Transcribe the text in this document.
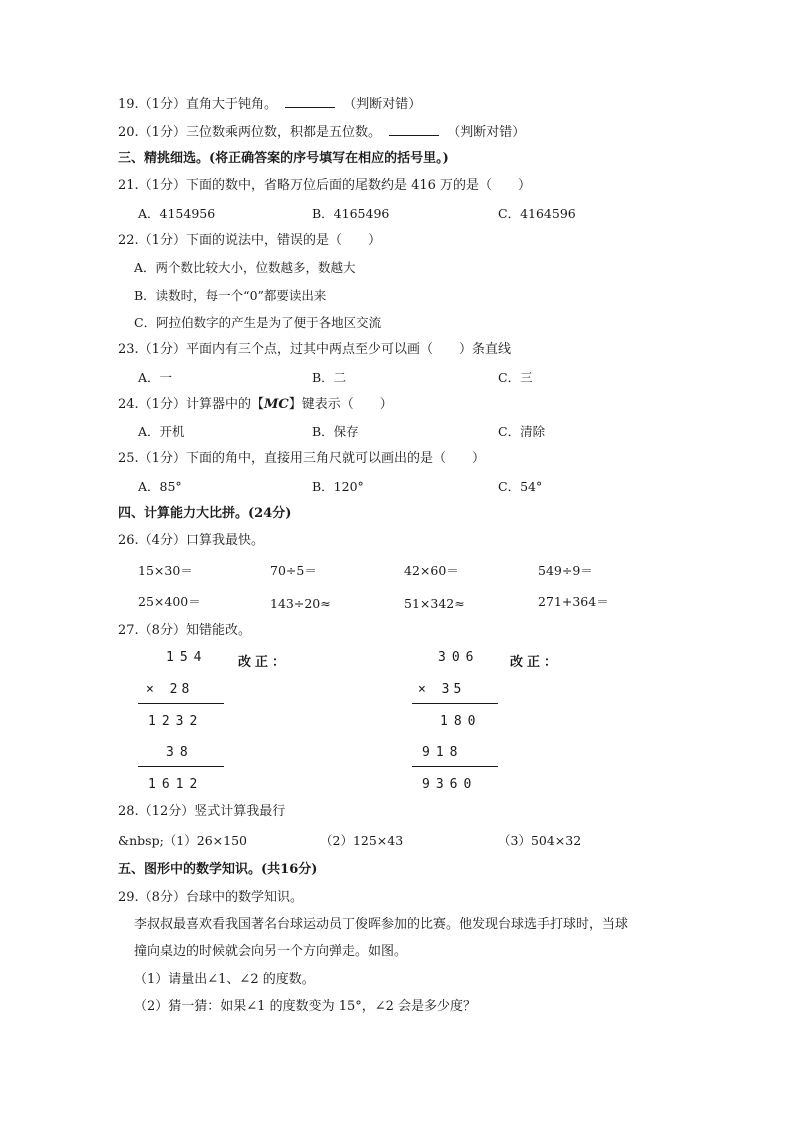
19.（1分）直角大于钝角。	（判断对错）
20.（1分）三位数乘两位数，积都是五位数。	（判断对错）
三、精挑细选。(将正确答案的序号填写在相应的括号里。)
21.（1分）下面的数中，省略万位后面的尾数约是 416 万的是（　　）
A．4154956	B．4165496	C．4164596
22.（1分）下面的说法中，错误的是（　　）
A．两个数比较大小，位数越多，数越大
B．读数时，每一个“0”都要读出来
C．阿拉伯数字的产生是为了便于各地区交流
23.（1分）平面内有三个点，过其中两点至少可以画（　　）条直线
A．一	B．二	C．三
24.（1分）计算器中的【MC】键表示（　　）
A．开机	B．保存	C．清除
25.（1分）下面的角中，直接用三角尺就可以画出的是（　　）
A．85°	B．120°	C．54°
四、计算能力大比拼。(24分)
26.（4分）口算我最快。
15×30＝	70÷5＝	42×60＝	549÷9＝
25×400＝	143÷20≈	51×342≈	271+364＝
27.（8分）知错能改。
154 改正：
× 28
1232
38
1612
306 改正：
× 35
180
918
9360
28.（12分）竖式计算我最行
&nbsp;（1）26×150	（2）125×43	（3）504×32
五、图形中的数学知识。(共16分)
29.（8分）台球中的数学知识。
李叔叔最喜欢看我国著名台球运动员丁俊晖参加的比赛。他发现台球选手打球时，当球
撞向桌边的时候就会向另一个方向弹走。如图。
（1）请量出∠1、∠2 的度数。
（2）猜一猜：如果∠1 的度数变为 15°，∠2 会是多少度？
